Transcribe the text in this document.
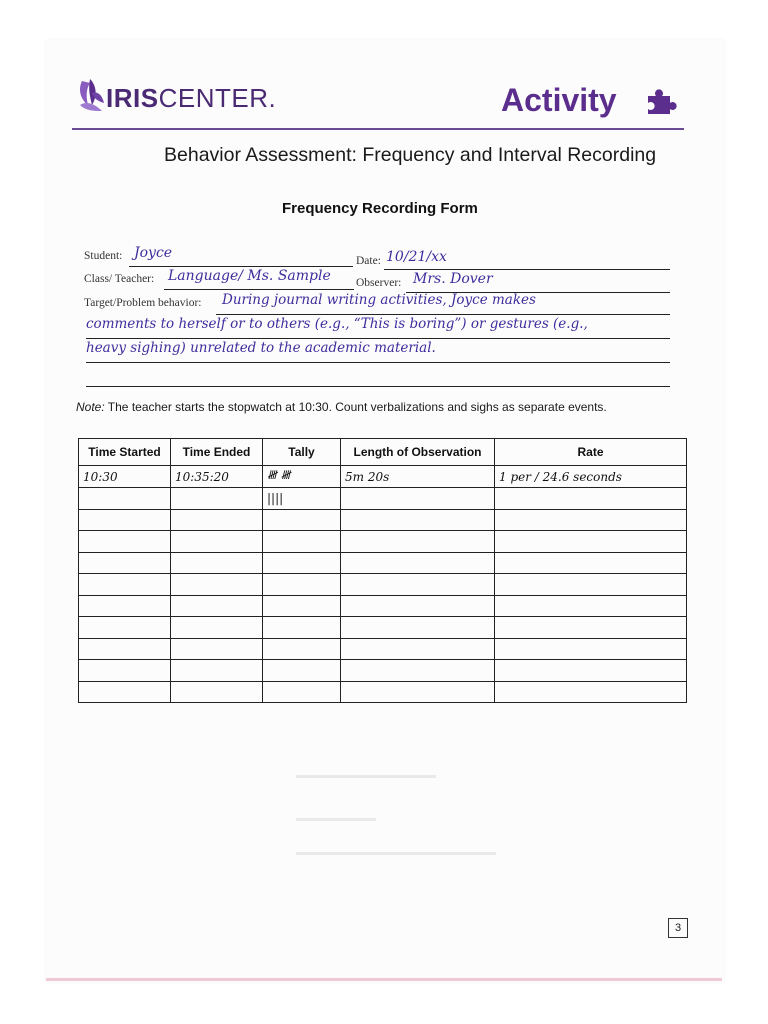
IRISCENTER.	Activity
Behavior Assessment: Frequency and Interval Recording
Frequency Recording Form
Student: Joyce	Date: 10/21/xx
Class/ Teacher: Language/ Ms. Sample Observer: Mrs. Dover
Target/Problem behavior: During journal writing activities, Joyce makes
comments to herself or to others (e.g., “This is boring”) or gestures (e.g.,
heavy sighing) unrelated to the academic material.
Note: The teacher starts the stopwatch at 10:30. Count verbalizations and sighs as separate events.
Time Started	Time Ended	Tally	Length of Observation	Rate
10:30	10:35:20	𝍸 𝍸	5m 20s	1 per / 24.6 seconds
		||||		

3
